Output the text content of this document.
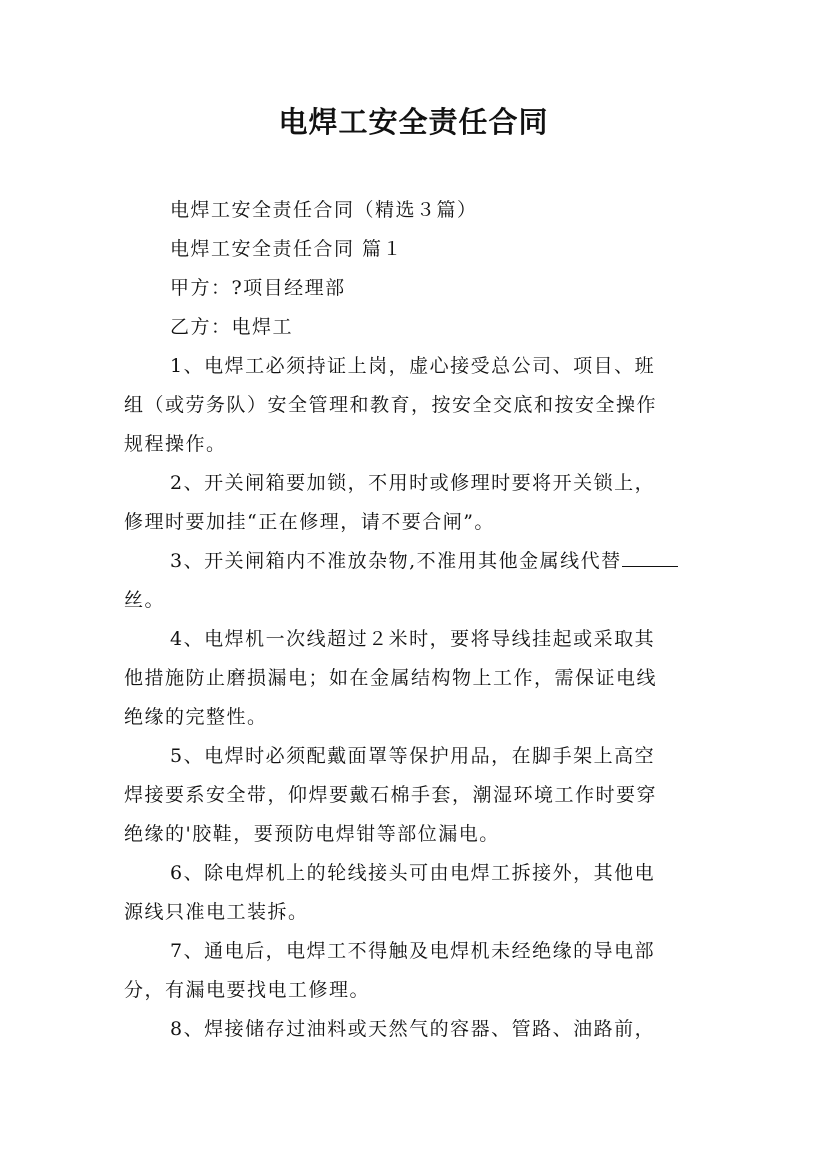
电焊工安全责任合同

电焊工安全责任合同（精选３篇）

电焊工安全责任合同 篇１

甲方：?项目经理部

乙方：电焊工

1、电焊工必须持证上岗，虚心接受总公司、项目、班

组（或劳务队）安全管理和教育，按安全交底和按安全操作

规程操作。

2、开关闸箱要加锁，不用时或修理时要将开关锁上，

修理时要加挂“正在修理，请不要合闸”。

3、开关闸箱内不准放杂物,不准用其他金属线代替

丝。

4、电焊机一次线超过２米时，要将导线挂起或采取其

他措施防止磨损漏电；如在金属结构物上工作，需保证电线

绝缘的完整性。

5、电焊时必须配戴面罩等保护用品，在脚手架上高空

焊接要系安全带，仰焊要戴石棉手套，潮湿环境工作时要穿

绝缘的'胶鞋，要预防电焊钳等部位漏电。

6、除电焊机上的轮线接头可由电焊工拆接外，其他电

源线只准电工装拆。

7、通电后，电焊工不得触及电焊机未经绝缘的导电部

分，有漏电要找电工修理。

8、焊接储存过油料或天然气的容器、管路、油路前，
